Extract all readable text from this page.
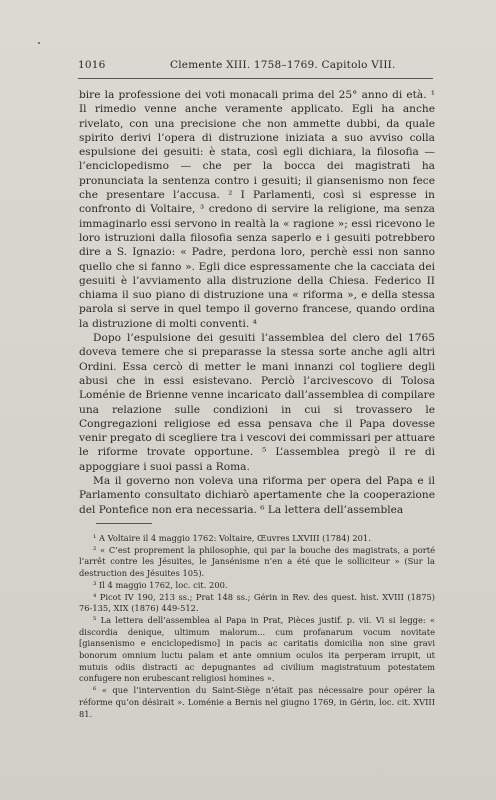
1016	Clemente XIII. 1758–1769. Capitolo VIII.

bire la professione dei voti monacali prima del 25° anno di età. ¹ Il rimedio venne anche veramente applicato. Egli ha anche rivelato, con una precisione che non ammette dubbi, da quale spirito derivi l’opera di distruzione iniziata a suo avviso colla espulsione dei gesuiti: è stata, così egli dichiara, la filosofia — l’enciclopedismo — che per la bocca dei magistrati ha pronunciata la sentenza contro i gesuiti; il giansenismo non fece che presentare l’accusa. ² I Parlamenti, così si espresse in confronto di Voltaire, ³ credono di servire la religione, ma senza immaginarlo essi servono in realtà la « ragione »; essi ricevono le loro istruzioni dalla filosofia senza saperlo e i gesuiti potrebbero dire a S. Ignazio: « Padre, perdona loro, perchè essi non sanno quello che si fanno ». Egli dice espressamente che la cacciata dei gesuiti è l’avviamento alla distruzione della Chiesa. Federico II chiama il suo piano di distruzione una « riforma », e della stessa parola si serve in quel tempo il governo francese, quando ordina la distruzione di molti conventi. ⁴

Dopo l’espulsione dei gesuiti l’assemblea del clero del 1765 doveva temere che si preparasse la stessa sorte anche agli altri Ordini. Essa cercò di metter le mani innanzi col togliere degli abusi che in essi esistevano. Perciò l’arcivescovo di Tolosa Loménie de Brienne venne incaricato dall’assemblea di compilare una relazione sulle condizioni in cui si trovassero le Congregazioni religiose ed essa pensava che il Papa dovesse venir pregato di scegliere tra i vescovi dei commissari per attuare le riforme trovate opportune. ⁵ L’assemblea pregò il re di appoggiare i suoi passi a Roma.

Ma il governo non voleva una riforma per opera del Papa e il Parlamento consultato dichiarò apertamente che la cooperazione del Pontefice non era necessaria. ⁶ La lettera dell’assemblea

¹ A Voltaire il 4 maggio 1762: Voltaire, Œuvres LXVIII (1784) 201.

² « C’est proprement la philosophie, qui par la bouche des magistrats, a porté l’arrêt contre les Jésuites, le Jansénisme n’en a été que le solliciteur » (Sur la destruction des Jésuites 105).

³ Il 4 maggio 1762, loc. cit. 200.

⁴ Picot IV 190, 213 ss.; Prat 148 ss.; Gérin in Rev. des quest. hist. XVIII (1875) 76-135, XIX (1876) 449-512.

⁵ La lettera dell’assemblea al Papa in Prat, Pièces justif. p. vii. Vi si legge: « discordia denique, ultimum malorum... cum profanarum vocum novitate [giansenismo e enciclopedismo] in pacis ac caritatis domicilia non sine gravi bonorum omnium luctu palam et ante omnium oculos ita perperam irrupit, ut mutuis odiis distracti ac depugnantes ad civilium magistratuum potestatem confugere non erubescant religiosi homines ».

⁶ « que l’intervention du Saint-Siège n’était pas nécessaire pour opérer la réforme qu’on désirait ». Loménie a Bernis nel giugno 1769, in Gérin, loc. cit. XVIII 81.
